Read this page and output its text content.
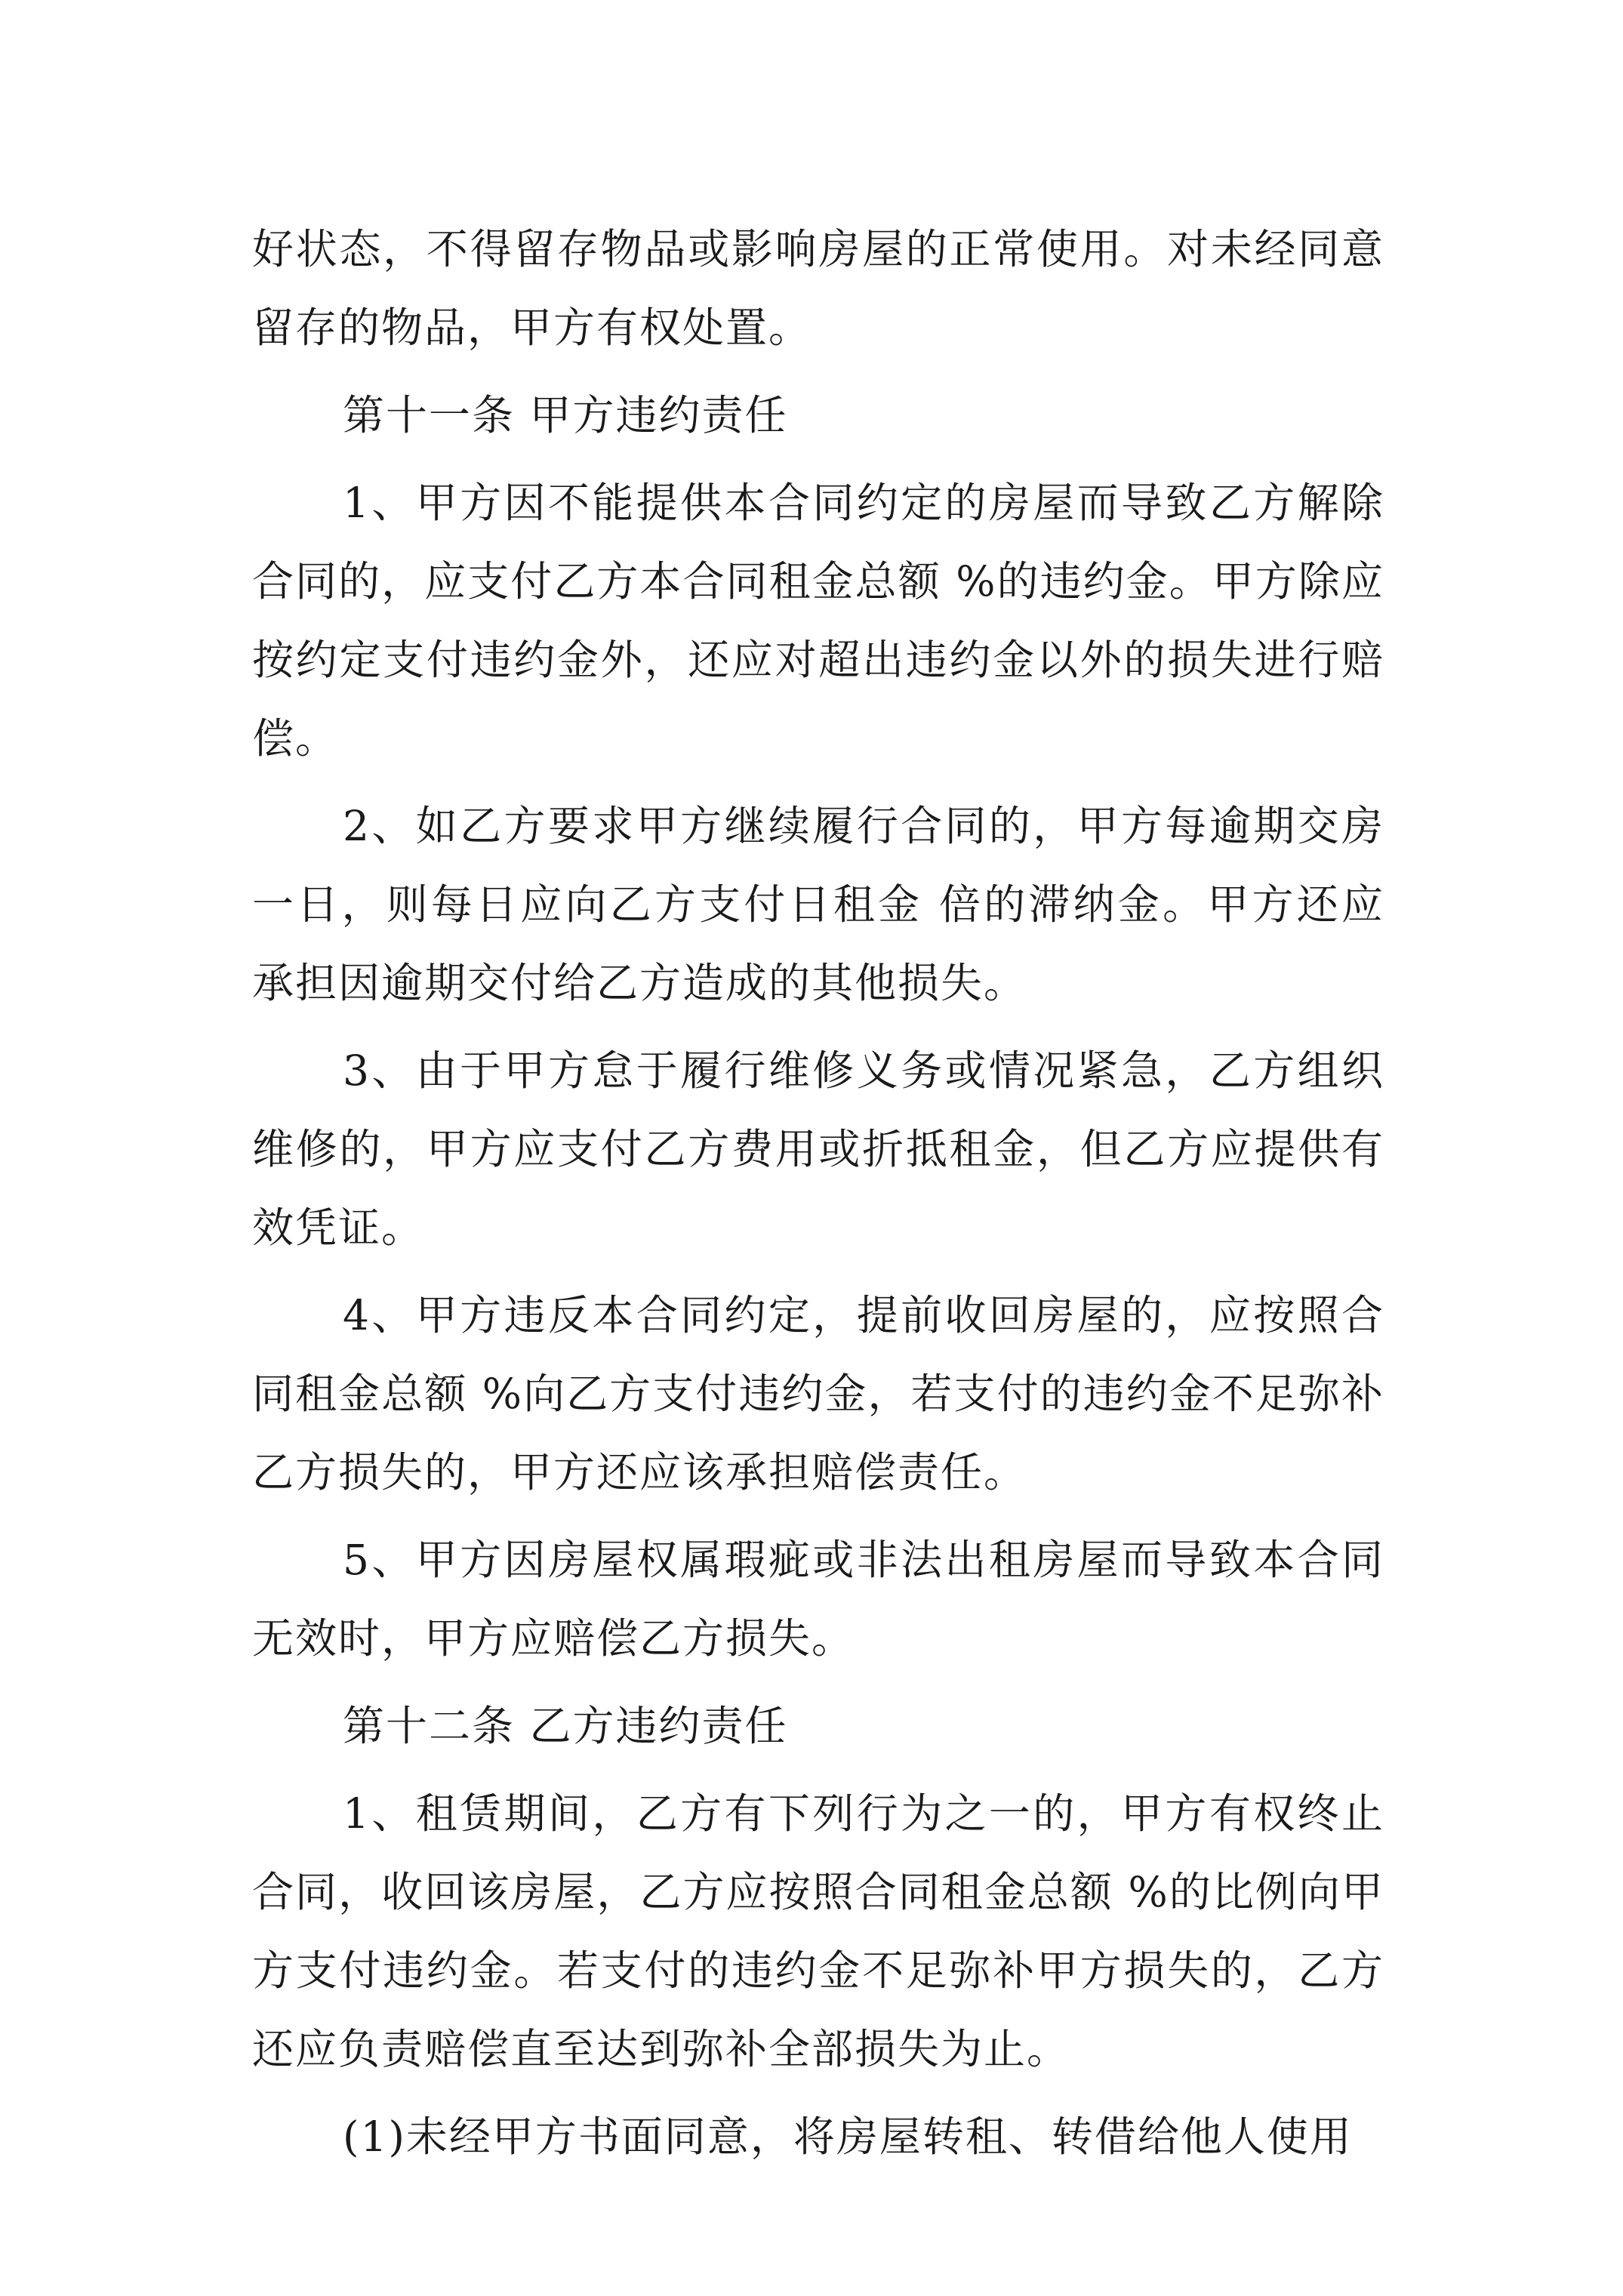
好状态，不得留存物品或影响房屋的正常使用。对未经同意留存的物品，甲方有权处置。

第十一条 甲方违约责任

1、甲方因不能提供本合同约定的房屋而导致乙方解除合同的，应支付乙方本合同租金总额 %的违约金。甲方除应按约定支付违约金外，还应对超出违约金以外的损失进行赔偿。

2、如乙方要求甲方继续履行合同的，甲方每逾期交房一日，则每日应向乙方支付日租金 倍的滞纳金。甲方还应承担因逾期交付给乙方造成的其他损失。

3、由于甲方怠于履行维修义务或情况紧急，乙方组织维修的，甲方应支付乙方费用或折抵租金，但乙方应提供有效凭证。

4、甲方违反本合同约定，提前收回房屋的，应按照合同租金总额 %向乙方支付违约金，若支付的违约金不足弥补乙方损失的，甲方还应该承担赔偿责任。

5、甲方因房屋权属瑕疵或非法出租房屋而导致本合同无效时，甲方应赔偿乙方损失。

第十二条 乙方违约责任

1、租赁期间，乙方有下列行为之一的，甲方有权终止合同，收回该房屋，乙方应按照合同租金总额 %的比例向甲方支付违约金。若支付的违约金不足弥补甲方损失的，乙方还应负责赔偿直至达到弥补全部损失为止。

(1)未经甲方书面同意，将房屋转租、转借给他人使用
